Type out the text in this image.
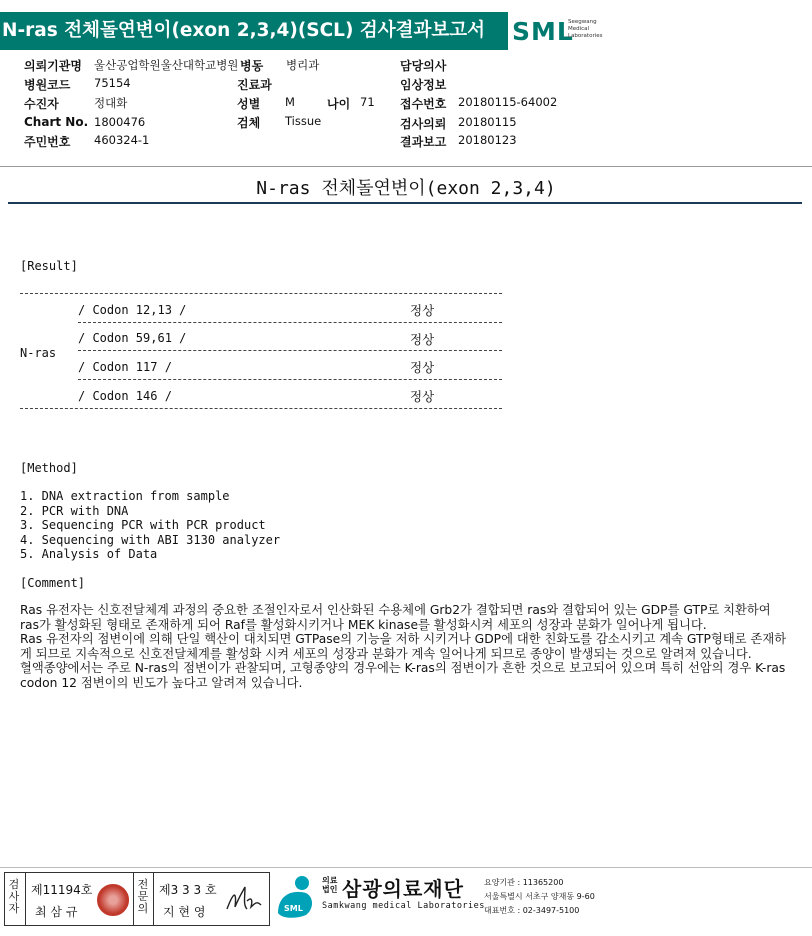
N-ras 전체돌연변이(exon 2,3,4)(SCL) 검사결과보고서	SML
Seegwang
Medical
Laboratories
의뢰기관명 울산공업학원울산대학교병원 병동 병리과	담당의사
병원코드 75154	진료과	임상정보
수진자	정대화	성별 M	나이 71 접수번호 20180115-64002
Chart No. 1800476	검체 Tissue	검사의뢰 20180115
주민번호 460324-1	결과보고 20180123
N-ras 전체돌연변이(exon 2,3,4)
[Result]
N-ras
/ Codon 12,13 /	정상
/ Codon 59,61 /	정상
/ Codon 117 /	정상
/ Codon 146 /	정상
[Method]
1. DNA extraction from sample
2. PCR with DNA
3. Sequencing PCR with PCR product
4. Sequencing with ABI 3130 analyzer
5. Analysis of Data
[Comment]

Ras 유전자는 신호전달체계 과정의 중요한 조절인자로서 인산화된 수용체에 Grb2가 결합되면 ras와 결합되어 있는 GDP를 GTP로 치환하여 ras가 활성화된 형태로 존재하게 되어 Raf를 활성화시키거나 MEK kinase를 활성화시켜 세포의 성장과 분화가 일어나게 됩니다.

Ras 유전자의 점변이에 의해 단일 핵산이 대치되면 GTPase의 기능을 저하 시키거나 GDP에 대한 친화도를 감소시키고 계속 GTP형태로 존재하게 되므로 지속적으로 신호전달체계를 활성화 시켜 세포의 성장과 분화가 계속 일어나게 되므로 종양이 발생되는 것으로 알려져 있습니다.

혈액종양에서는 주로 N-ras의 점변이가 관찰되며, 고형종양의 경우에는 K-ras의 점변이가 흔한 것으로 보고되어 있으며 특히 선암의 경우 K-ras codon 12 점변이의 빈도가 높다고 알려져 있습니다.

검사자
제11194호
최 삼 규
전문의
제3 3 3 호
지 현 영	SML
의료법인 삼광의료재단
Samkwang medical Laboratories
요양기관 : 11365200
서울특별시 서초구 양재동 9-60
대표번호 : 02-3497-5100
